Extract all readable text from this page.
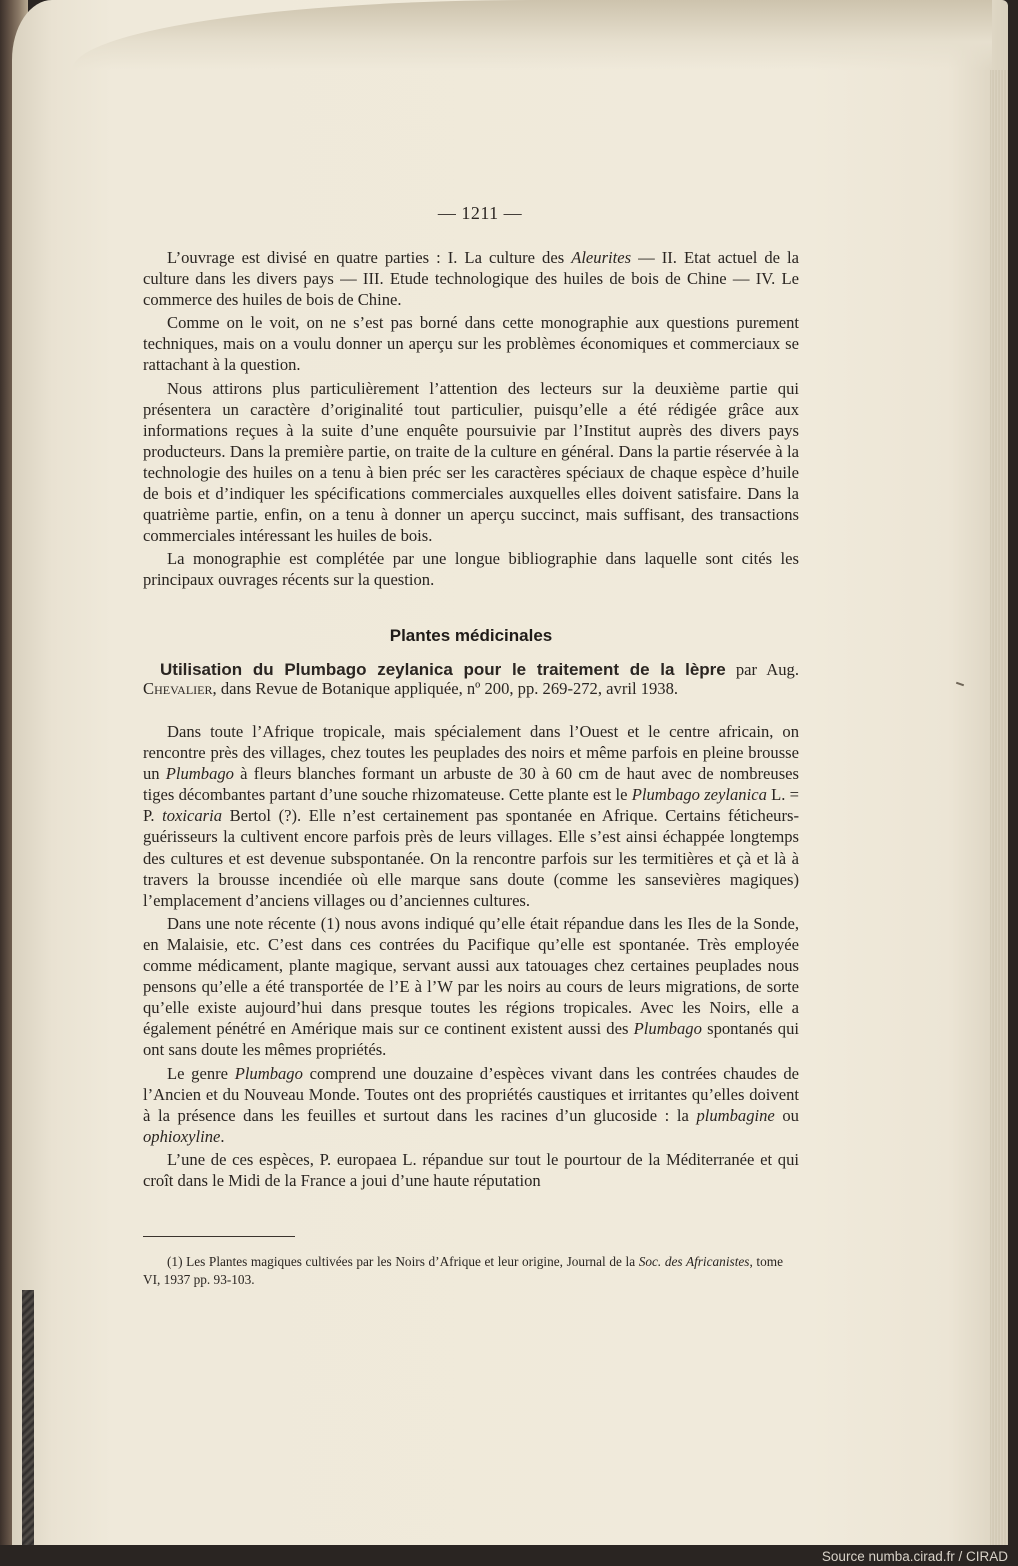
— 1211 —

L’ouvrage est divisé en quatre parties : I. La culture des Aleurites — II. Etat actuel de la culture dans les divers pays — III. Etude technologique des huiles de bois de Chine — IV. Le commerce des huiles de bois de Chine.

Comme on le voit, on ne s’est pas borné dans cette monographie aux questions purement techniques, mais on a voulu donner un aperçu sur les problèmes économiques et commerciaux se rattachant à la question.

Nous attirons plus particulièrement l’attention des lecteurs sur la deuxième partie qui présentera un caractère d’originalité tout particulier, puisqu’elle a été rédigée grâce aux informations reçues à la suite d’une enquête poursuivie par l’Institut auprès des divers pays producteurs. Dans la première partie, on traite de la culture en général. Dans la partie réservée à la technologie des huiles on a tenu à bien préc ser les caractères spéciaux de chaque espèce d’huile de bois et d’indiquer les spécifications commerciales auxquelles elles doivent satisfaire. Dans la quatrième partie, enfin, on a tenu à donner un aperçu succinct, mais suffisant, des transactions commerciales intéressant les huiles de bois.

La monographie est complétée par une longue bibliographie dans laquelle sont cités les principaux ouvrages récents sur la question.

Plantes médicinales
Utilisation du Plumbago zeylanica pour le traitement de la lèpre par Aug. Chevalier, dans Revue de Botanique appliquée, nº 200, pp. 269-272, avril 1938.

Dans toute l’Afrique tropicale, mais spécialement dans l’Ouest et le centre africain, on rencontre près des villages, chez toutes les peuplades des noirs et même parfois en pleine brousse un Plumbago à fleurs blanches formant un arbuste de 30 à 60 cm de haut avec de nombreuses tiges décombantes partant d’une souche rhizomateuse. Cette plante est le Plumbago zeylanica L. = P. toxicaria Bertol (?). Elle n’est certainement pas spontanée en Afrique. Certains féticheurs-guérisseurs la cultivent encore parfois près de leurs villages. Elle s’est ainsi échappée longtemps des cultures et est devenue subspontanée. On la rencontre parfois sur les termitières et çà et là à travers la brousse incendiée où elle marque sans doute (comme les sansevières magiques) l’emplacement d’anciens villages ou d’anciennes cultures.

Dans une note récente (1) nous avons indiqué qu’elle était répandue dans les Iles de la Sonde, en Malaisie, etc. C’est dans ces contrées du Pacifique qu’elle est spontanée. Très employée comme médicament, plante magique, servant aussi aux tatouages chez certaines peuplades nous pensons qu’elle a été transportée de l’E à l’W par les noirs au cours de leurs migrations, de sorte qu’elle existe aujourd’hui dans presque toutes les régions tropicales. Avec les Noirs, elle a également pénétré en Amérique mais sur ce continent existent aussi des Plumbago spontanés qui ont sans doute les mêmes propriétés.

Le genre Plumbago comprend une douzaine d’espèces vivant dans les contrées chaudes de l’Ancien et du Nouveau Monde. Toutes ont des propriétés caustiques et irritantes qu’elles doivent à la présence dans les feuilles et surtout dans les racines d’un glucoside : la plumbagine ou ophioxyline.

L’une de ces espèces, P. europaea L. répandue sur tout le pourtour de la Méditerranée et qui croît dans le Midi de la France a joui d’une haute réputation

(1) Les Plantes magiques cultivées par les Noirs d’Afrique et leur origine, Journal de la Soc. des Africanistes, tome VI, 1937 pp. 93-103.
Source numba.cirad.fr / CIRAD
